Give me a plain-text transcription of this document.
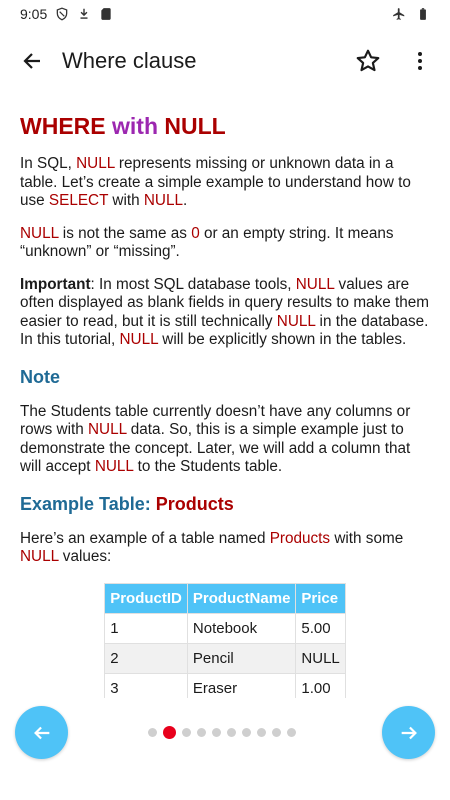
9:05
Where clause
WHERE with NULL

In SQL, NULL represents missing or unknown data in a table. Let’s create a simple example to understand how to use SELECT with NULL.

NULL is not the same as 0 or an empty string. It means “unknown” or “missing”.

Important: In most SQL database tools, NULL values are often displayed as blank fields in query results to make them easier to read, but it is still technically NULL in the database. In this tutorial, NULL will be explicitly shown in the tables.

Note

The Students table currently doesn’t have any columns or rows with NULL data. So, this is a simple example just to demonstrate the concept. Later, we will add a column that will accept NULL to the Students table.

Example Table: Products

Here’s an example of a table named Products with some NULL values:

ProductID	ProductName	Price
1	Notebook	5.00
2	Pencil	NULL
3	Eraser	1.00
